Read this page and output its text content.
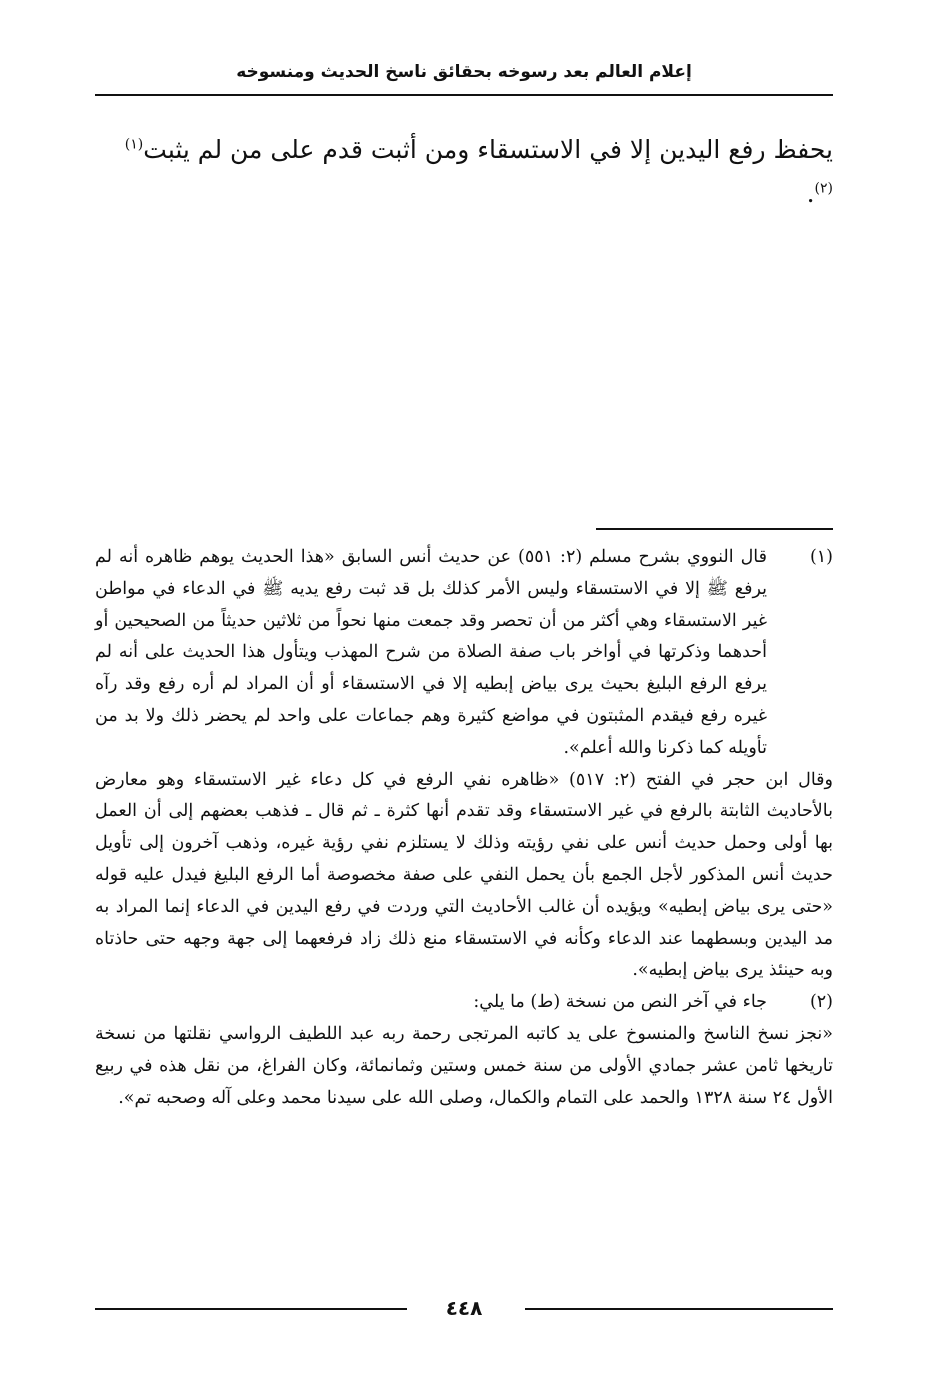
إعلام العالم بعد رسوخه بحقائق ناسخ الحديث ومنسوخه
يحفظ رفع اليدين إلا في الاستسقاء ومن أثبت قدم على من لم يثبت$^{(١)}$ $^{(٢)}$.
(١)

قال النووي بشرح مسلم (٢: ٥٥١) عن حديث أنس السابق «هذا الحديث يوهم ظاهره أنه لم يرفع ﷺ إلا في الاستسقاء وليس الأمر كذلك بل قد ثبت رفع يديه ﷺ في الدعاء في مواطن غير الاستسقاء وهي أكثر من أن تحصر وقد جمعت منها نحواً من ثلاثين حديثاً من الصحيحين أو أحدهما وذكرتها في أواخر باب صفة الصلاة من شرح المهذب ويتأول هذا الحديث على أنه لم يرفع الرفع البليغ بحيث يرى بياض إبطيه إلا في الاستسقاء أو أن المراد لم أره رفع وقد رآه غيره رفع فيقدم المثبتون في مواضع كثيرة وهم جماعات على واحد لم يحضر ذلك ولا بد من تأويله كما ذكرنا والله أعلم».

وقال ابن حجر في الفتح (٢: ٥١٧) «ظاهره نفي الرفع في كل دعاء غير الاستسقاء وهو معارض بالأحاديث الثابتة بالرفع في غير الاستسقاء وقد تقدم أنها كثرة ـ ثم قال ـ فذهب بعضهم إلى أن العمل بها أولى وحمل حديث أنس على نفي رؤيته وذلك لا يستلزم نفي رؤية غيره، وذهب آخرون إلى تأويل حديث أنس المذكور لأجل الجمع بأن يحمل النفي على صفة مخصوصة أما الرفع البليغ فيدل عليه قوله «حتى يرى بياض إبطيه» ويؤيده أن غالب الأحاديث التي وردت في رفع اليدين في الدعاء إنما المراد به مد اليدين وبسطهما عند الدعاء وكأنه في الاستسقاء منع ذلك زاد فرفعهما إلى جهة وجهه حتى حاذتاه وبه حينئذ يرى بياض إبطيه».

(٢)

جاء في آخر النص من نسخة (ط) ما يلي:

«نجز نسخ الناسخ والمنسوخ على يد كاتبه المرتجى رحمة ربه عبد اللطيف الرواسي نقلتها من نسخة تاريخها ثامن عشر جمادي الأولى من سنة خمس وستين وثمانمائة، وكان الفراغ، من نقل هذه في ربيع الأول ٢٤ سنة ١٣٢٨ والحمد على التمام والكمال، وصلى الله على سيدنا محمد وعلى آله وصحبه تم».

٤٤٨
